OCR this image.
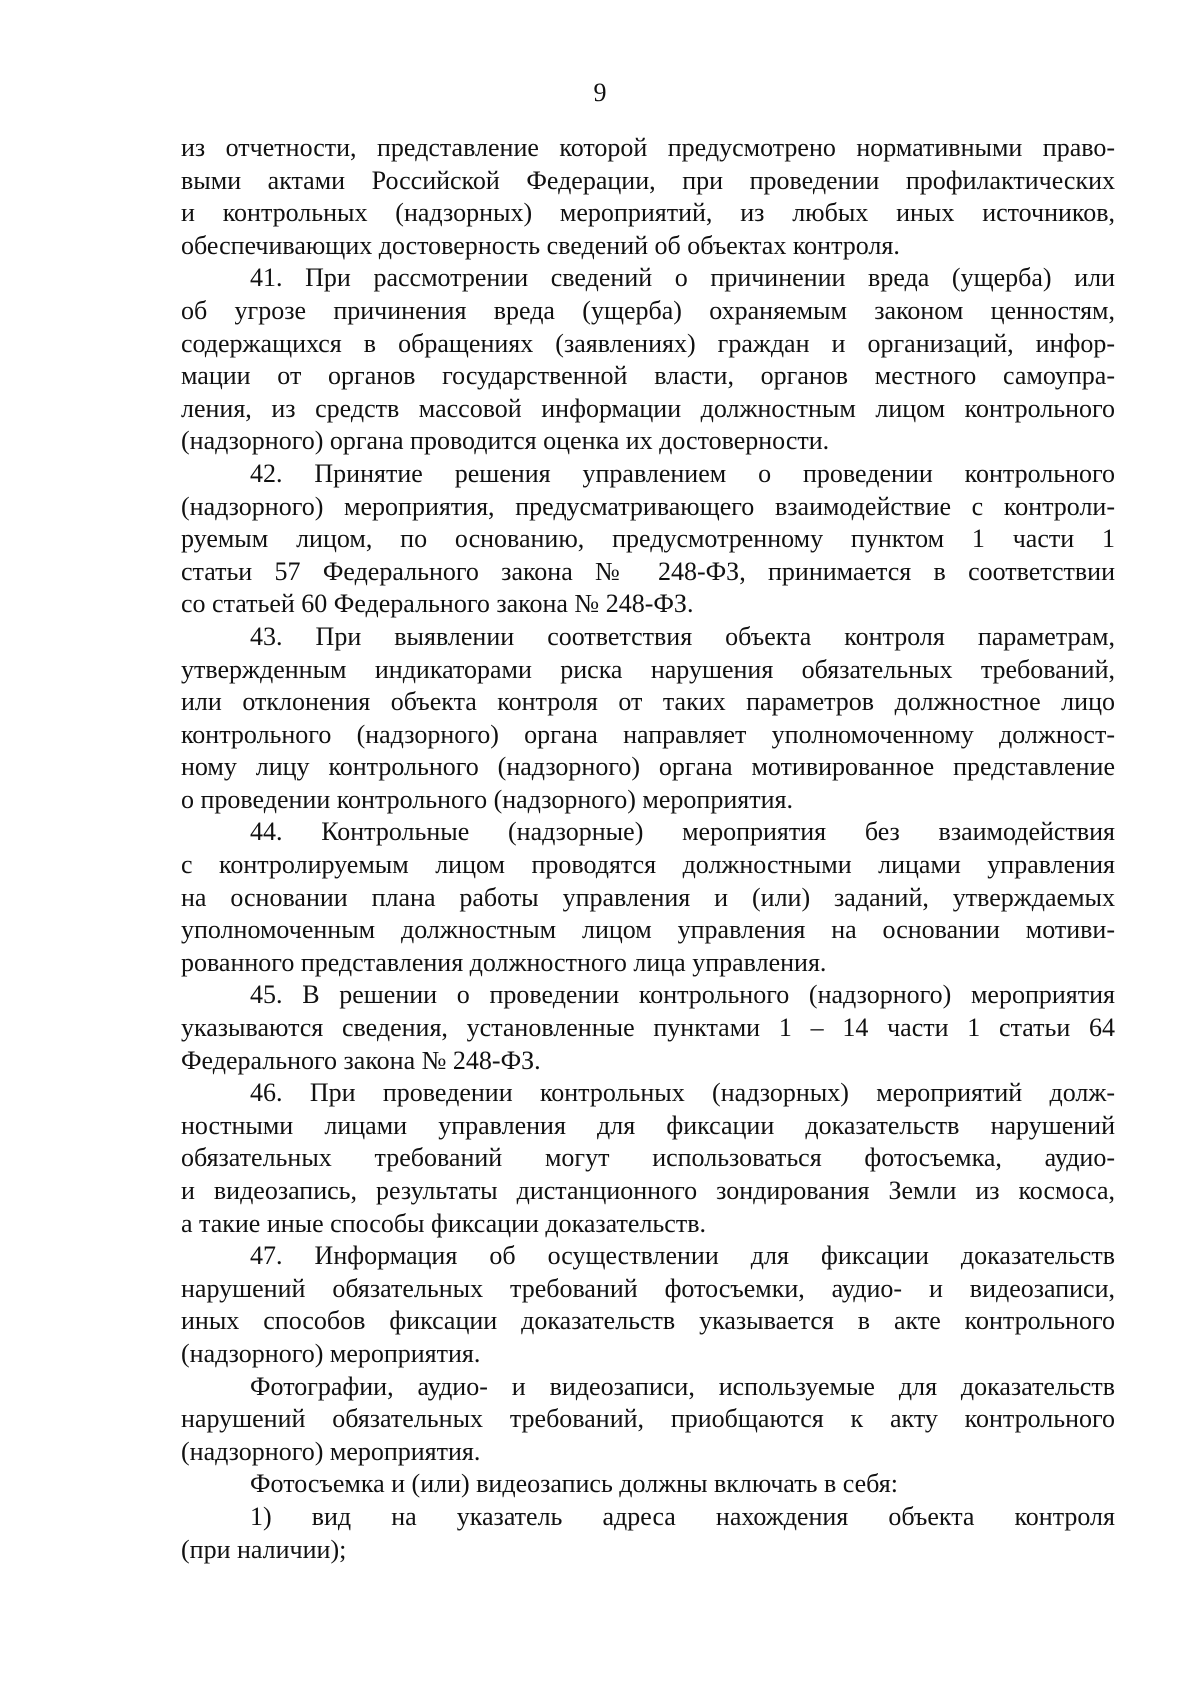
9
из отчетности, представление которой предусмотрено нормативными право-
выми актами Российской Федерации, при проведении профилактических
и контрольных (надзорных) мероприятий, из любых иных источников,
обеспечивающих достоверность сведений об объектах контроля.
41. При рассмотрении сведений о причинении вреда (ущерба) или
об угрозе причинения вреда (ущерба) охраняемым законом ценностям,
содержащихся в обращениях (заявлениях) граждан и организаций, инфор-
мации от органов государственной власти, органов местного самоупра-
ления, из средств массовой информации должностным лицом контрольного
(надзорного) органа проводится оценка их достоверности.
42. Принятие решения управлением о проведении контрольного
(надзорного) мероприятия, предусматривающего взаимодействие с контроли-
руемым лицом, по основанию, предусмотренному пунктом 1 части 1
статьи 57 Федерального закона № 248-ФЗ, принимается в соответствии
со статьей 60 Федерального закона № 248-ФЗ.
43. При выявлении соответствия объекта контроля параметрам,
утвержденным индикаторами риска нарушения обязательных требований,
или отклонения объекта контроля от таких параметров должностное лицо
контрольного (надзорного) органа направляет уполномоченному должност-
ному лицу контрольного (надзорного) органа мотивированное представление
о проведении контрольного (надзорного) мероприятия.
44. Контрольные (надзорные) мероприятия без взаимодействия
с контролируемым лицом проводятся должностными лицами управления
на основании плана работы управления и (или) заданий, утверждаемых
уполномоченным должностным лицом управления на основании мотиви-
рованного представления должностного лица управления.
45. В решении о проведении контрольного (надзорного) мероприятия
указываются сведения, установленные пунктами 1 – 14 части 1 статьи 64
Федерального закона № 248-ФЗ.
46. При проведении контрольных (надзорных) мероприятий долж-
ностными лицами управления для фиксации доказательств нарушений
обязательных требований могут использоваться фотосъемка, аудио-
и видеозапись, результаты дистанционного зондирования Земли из космоса,
а такие иные способы фиксации доказательств.
47. Информация об осуществлении для фиксации доказательств
нарушений обязательных требований фотосъемки, аудио- и видеозаписи,
иных способов фиксации доказательств указывается в акте контрольного
(надзорного) мероприятия.
Фотографии, аудио- и видеозаписи, используемые для доказательств
нарушений обязательных требований, приобщаются к акту контрольного
(надзорного) мероприятия.
Фотосъемка и (или) видеозапись должны включать в себя:
1) вид на указатель адреса нахождения объекта контроля
(при наличии);
